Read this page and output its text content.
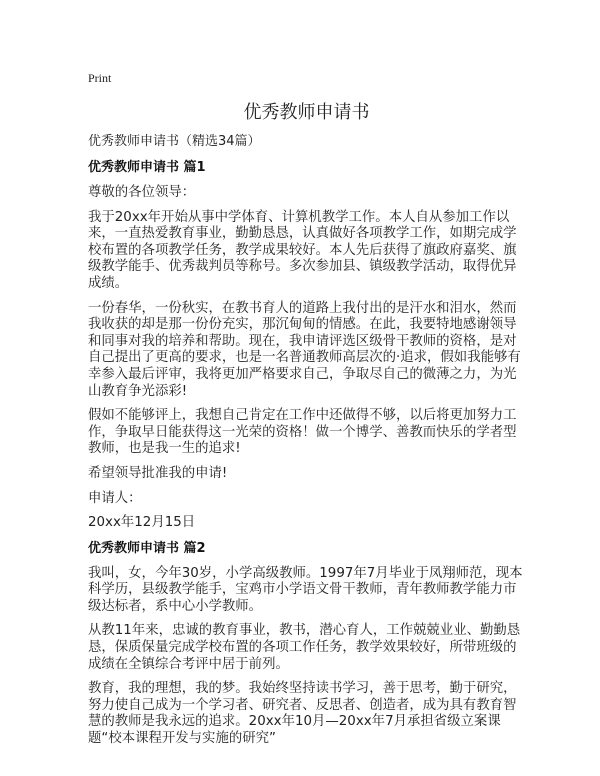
Print
优秀教师申请书
优秀教师申请书（精选34篇）
优秀教师申请书 篇1

尊敬的各位领导：

我于20xx年开始从事中学体育、计算机教学工作。本人自从参加工作以来，一直热爱教育事业，勤勤恳恳，认真做好各项教学工作，如期完成学校布置的各项教学任务，教学成果较好。本人先后获得了旗政府嘉奖、旗级教学能手、优秀裁判员等称号。多次参加县、镇级教学活动，取得优异成绩。

一份春华，一份秋实，在教书育人的道路上我付出的是汗水和泪水，然而我收获的却是那一份份充实，那沉甸甸的情感。在此，我要特地感谢领导和同事对我的培养和帮助。现在，我申请评选区级骨干教师的资格，是对自己提出了更高的要求，也是一名普通教师高层次的·追求，假如我能够有幸参入最后评审，我将更加严格要求自己，争取尽自己的微薄之力，为光山教育争光添彩!

假如不能够评上，我想自己肯定在工作中还做得不够，以后将更加努力工作，争取早日能获得这一光荣的资格！做一个博学、善教而快乐的学者型教师，也是我一生的追求!

希望领导批准我的申请!

申请人：

20xx年12月15日

优秀教师申请书 篇2

我叫，女，今年30岁，小学高级教师。1997年7月毕业于凤翔师范，现本科学历，县级教学能手，宝鸡市小学语文骨干教师，青年教师教学能力市级达标者，系中心小学教师。

从教11年来，忠诚的教育事业，教书，潜心育人，工作兢兢业业、勤勤恳恳，保质保量完成学校布置的各项工作任务，教学效果较好，所带班级的成绩在全镇综合考评中居于前列。

教育，我的理想，我的梦。我始终坚持读书学习，善于思考，勤于研究，努力使自己成为一个学习者、研究者、反思者、创造者，成为具有教育智慧的教师是我永远的追求。20xx年10月—20xx年7月承担省级立案课题“校本课程开发与实施的研究”
